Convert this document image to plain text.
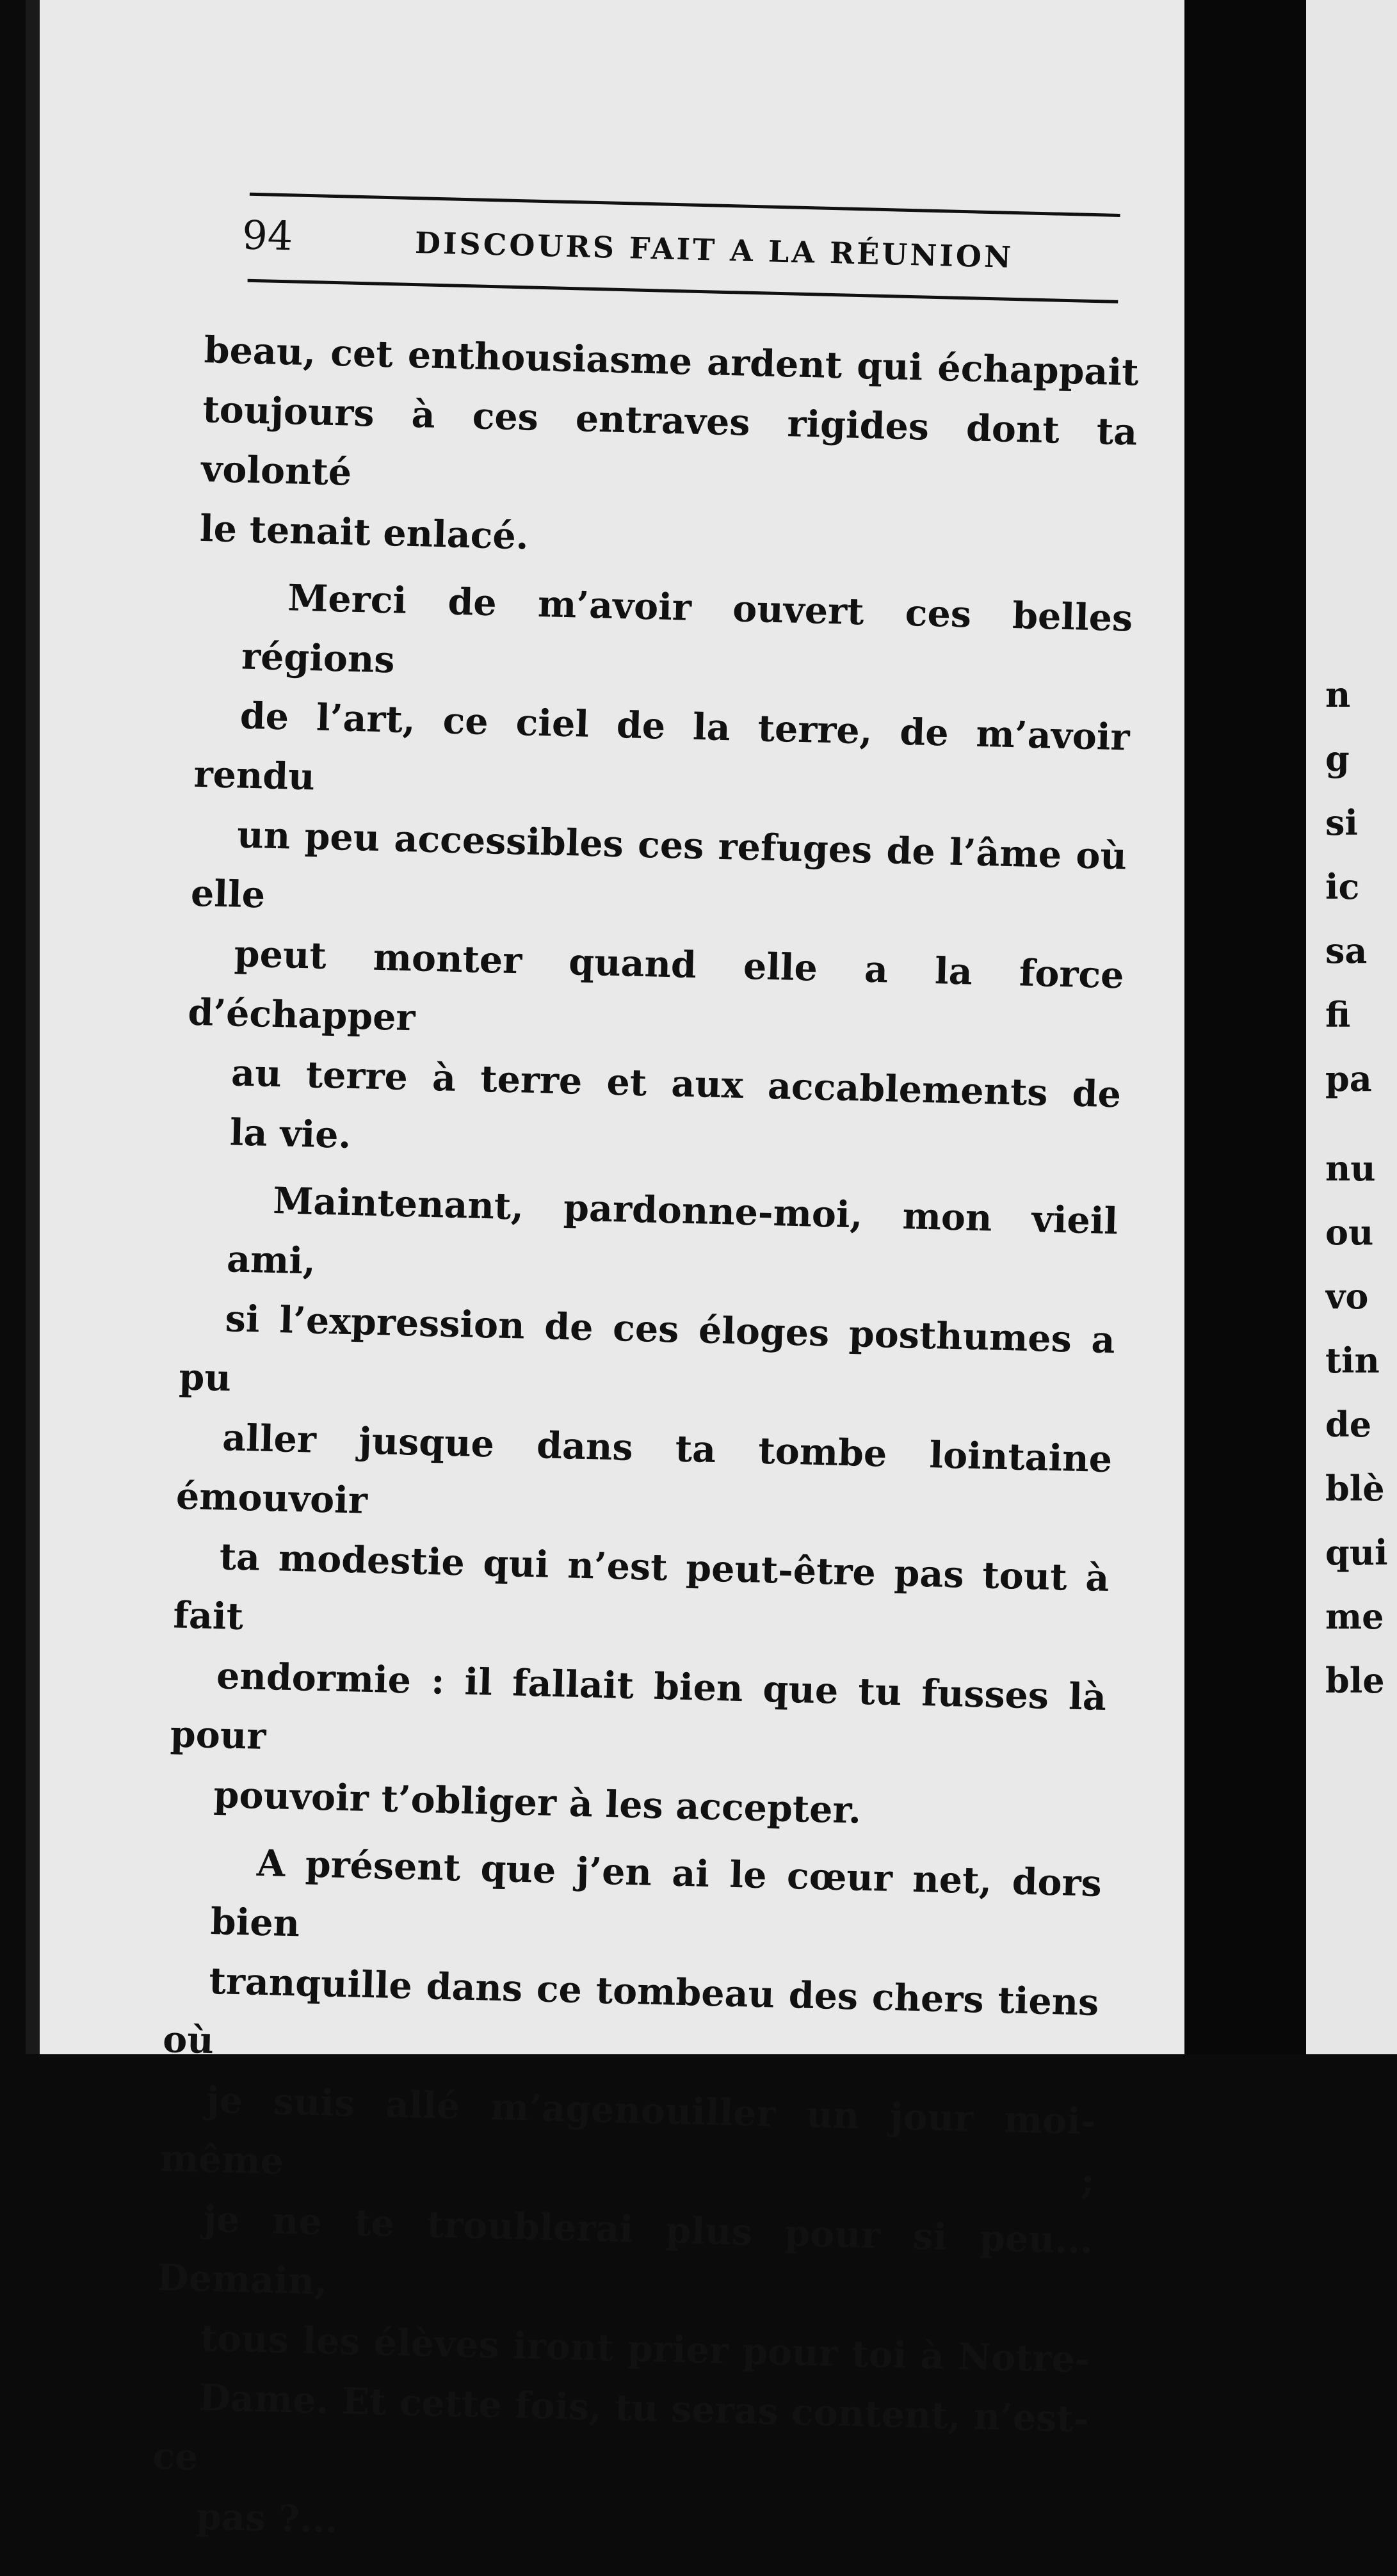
94	DISCOURS FAIT A LA RÉUNION

beau, cet enthousiasme ardent qui échappait
toujours à ces entraves rigides dont ta volonté
le tenait enlacé.

Merci de m’avoir ouvert ces belles régions
de l’art, ce ciel de la terre, de m’avoir rendu
un peu accessibles ces refuges de l’âme où elle
peut monter quand elle a la force d’échapper
au terre à terre et aux accablements de
la vie.

Maintenant, pardonne-moi, mon vieil ami,
si l’expression de ces éloges posthumes a pu
aller jusque dans ta tombe lointaine émouvoir
ta modestie qui n’est peut-être pas tout à fait
endormie : il fallait bien que tu fusses là pour
pouvoir t’obliger à les accepter.

A présent que j’en ai le cœur net, dors bien
tranquille dans ce tombeau des chers tiens où
je suis allé m’agenouiller un jour moi-même ;
je ne te troublerai plus pour si peu... Demain,
tous les élèves iront prier pour toi à Notre-
Dame. Et cette fois, tu seras content, n’est-ce
pas ?...

n
g
si
ic
sa
fi
pa
nu
ou
vo
tin
de
blè
qui
me
ble
